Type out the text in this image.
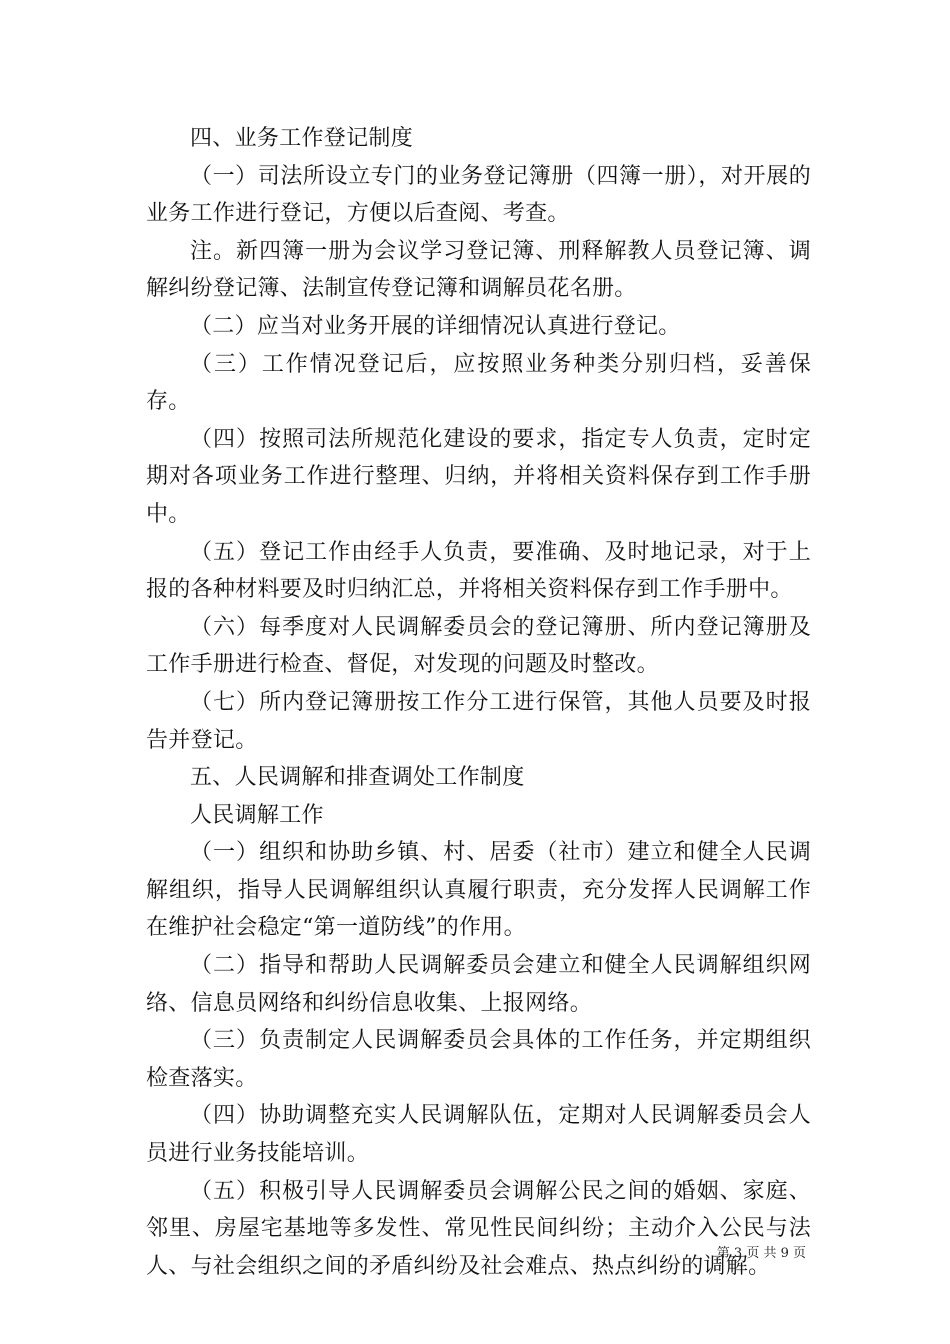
四、业务工作登记制度

（一）司法所设立专门的业务登记簿册（四簿一册），对开展的业务工作进行登记，方便以后查阅、考查。

注。新四簿一册为会议学习登记簿、刑释解教人员登记簿、调解纠纷登记簿、法制宣传登记簿和调解员花名册。

（二）应当对业务开展的详细情况认真进行登记。

（三）工作情况登记后，应按照业务种类分别归档，妥善保存。

（四）按照司法所规范化建设的要求，指定专人负责，定时定期对各项业务工作进行整理、归纳，并将相关资料保存到工作手册中。

（五）登记工作由经手人负责，要准确、及时地记录，对于上报的各种材料要及时归纳汇总，并将相关资料保存到工作手册中。

（六）每季度对人民调解委员会的登记簿册、所内登记簿册及工作手册进行检查、督促，对发现的问题及时整改。

（七）所内登记簿册按工作分工进行保管，其他人员要及时报告并登记。

五、人民调解和排查调处工作制度

人民调解工作

（一）组织和协助乡镇、村、居委（社市）建立和健全人民调解组织，指导人民调解组织认真履行职责，充分发挥人民调解工作在维护社会稳定“第一道防线”的作用。

（二）指导和帮助人民调解委员会建立和健全人民调解组织网络、信息员网络和纠纷信息收集、上报网络。

（三）负责制定人民调解委员会具体的工作任务，并定期组织检查落实。

（四）协助调整充实人民调解队伍，定期对人民调解委员会人员进行业务技能培训。

（五）积极引导人民调解委员会调解公民之间的婚姻、家庭、邻里、房屋宅基地等多发性、常见性民间纠纷；主动介入公民与法人、与社会组织之间的矛盾纠纷及社会难点、热点纠纷的调解。

第 3 页 共 9 页
